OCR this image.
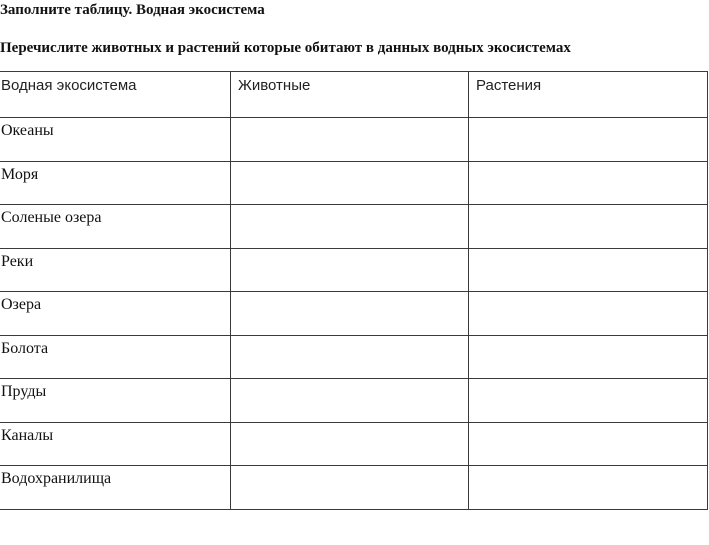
Заполните таблицу. Водная экосистема
Перечислите животных и растений которые обитают в данных водных экосистемах
Водная экосистема	Животные	Растения
Океаны		
Моря		
Соленые озера		
Реки		
Озера		
Болота		
Пруды		
Каналы		
Водохранилища		
